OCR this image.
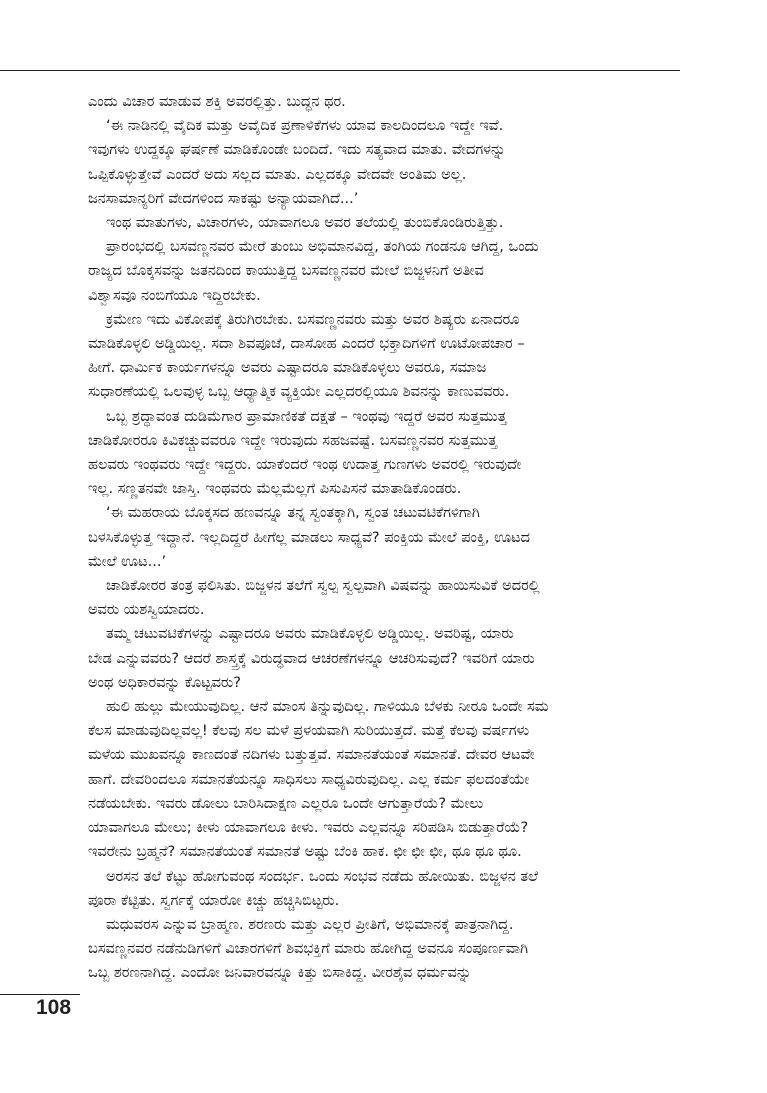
ಎಂದು ವಿಚಾರ ಮಾಡುವ ಶಕ್ತಿ ಅವರಲ್ಲಿತ್ತು. ಬುದ್ಧನ ಥರ.
‘ಈ ನಾಡಿನಲ್ಲಿ ವೈದಿಕ ಮತ್ತು ಅವೈದಿಕ ಪ್ರಣಾಳಿಕೆಗಳು ಯಾವ ಕಾಲದಿಂದಲೂ ಇದ್ದೇ ಇವೆ.
ಇವುಗಳು ಉದ್ದಕ್ಕೂ ಘರ್ಷಣೆ ಮಾಡಿಕೊಂಡೇ ಬಂದಿದೆ. ಇದು ಸತ್ಯವಾದ ಮಾತು. ವೇದಗಳನ್ನು
ಒಪ್ಪಿಕೊಳ್ಳುತ್ತೇವೆ ಎಂದರೆ ಅದು ಸಲ್ಲದ ಮಾತು. ಎಲ್ಲದಕ್ಕೂ ವೇದವೇ ಅಂತಿಮ ಅಲ್ಲ.
ಜನಸಾಮಾನ್ಯರಿಗೆ ವೇದಗಳಿಂದ ಸಾಕಷ್ಟು ಅನ್ಯಾಯವಾಗಿದೆ...’
ಇಂಥ ಮಾತುಗಳು, ವಿಚಾರಗಳು, ಯಾವಾಗಲೂ ಅವರ ತಲೆಯಲ್ಲಿ ತುಂಬಿಕೊಂಡಿರುತ್ತಿತ್ತು.
ಪ್ರಾರಂಭದಲ್ಲಿ ಬಸವಣ್ಣನವರ ಮೇರೆ ತುಂಬು ಅಭಿಮಾನವಿದ್ದ, ತಂಗಿಯ ಗಂಡನೂ ಆಗಿದ್ದ, ಒಂದು
ರಾಜ್ಯದ ಬೊಕ್ಕಸವನ್ನು ಜತನದಿಂದ ಕಾಯುತ್ತಿದ್ದ ಬಸವಣ್ಣನವರ ಮೇಲೆ ಬಿಜ್ಜಳನಿಗೆ ಅತೀವ
ವಿಶ್ವಾಸವೂ ನಂಬಿಗೆಯೂ ಇದ್ದಿರಬೇಕು.
ಕ್ರಮೇಣ ಇದು ವಿಕೋಪಕ್ಕೆ ತಿರುಗಿರಬೇಕು. ಬಸವಣ್ಣನವರು ಮತ್ತು ಅವರ ಶಿಷ್ಯರು ಏನಾದರೂ
ಮಾಡಿಕೊಳ್ಳಲಿ ಅಡ್ಡಿಯಿಲ್ಲ. ಸದಾ ಶಿವಪೂಜೆ, ದಾಸೋಹ ಎಂದರೆ ಭಕ್ತಾದಿಗಳಿಗೆ ಊಟೋಪಚಾರ –
ಹೀಗೆ. ಧಾರ್ಮಿಕ ಕಾರ್ಯಗಳನ್ನೂ ಅವರು ಎಷ್ಟಾದರೂ ಮಾಡಿಕೊಳ್ಳಲು ಅವರೂ, ಸಮಾಜ
ಸುಧಾರಣೆಯಲ್ಲಿ ಒಲವುಳ್ಳ ಒಬ್ಬ ಆಧ್ಯಾತ್ಮಿಕ ವ್ಯಕ್ತಿಯೇ ಎಲ್ಲದರಲ್ಲಿಯೂ ಶಿವನನ್ನು ಕಾಣುವವರು.
ಒಬ್ಬ ಶ್ರದ್ಧಾವಂತ ದುಡಿಮೆಗಾರ ಪ್ರಾಮಾಣಿಕತೆ ದಕ್ಷತೆ – ಇಂಥವು ಇದ್ದರೆ ಅವರ ಸುತ್ತಮುತ್ತ
ಚಾಡಿಕೋರರೂ ಕಿವಿಕಚ್ಚುವವರೂ ಇದ್ದೇ ಇರುವುದು ಸಹಜವಷ್ಟೆ. ಬಸವಣ್ಣನವರ ಸುತ್ತಮುತ್ತ
ಹಲವರು ಇಂಥವರು ಇದ್ದೇ ಇದ್ದರು. ಯಾಕೆಂದರೆ ಇಂಥ ಉದಾತ್ತ ಗುಣಗಳು ಅವರಲ್ಲಿ ಇರುವುದೇ
ಇಲ್ಲ. ಸಣ್ಣತನವೇ ಜಾಸ್ತಿ. ಇಂಥವರು ಮೆಲ್ಲಮೆಲ್ಲಗೆ ಪಿಸುಪಿಸನೆ ಮಾತಾಡಿಕೊಂಡರು.
‘ಈ ಮಹರಾಯ ಬೊಕ್ಕಸದ ಹಣವನ್ನೂ ತನ್ನ ಸ್ವಂತಕ್ಕಾಗಿ, ಸ್ವಂತ ಚಟುವಟಿಕೆಗಳಿಗಾಗಿ
ಬಳಸಿಕೊಳ್ಳುತ್ತ ಇದ್ದಾನೆ. ಇಲ್ಲದಿದ್ದರೆ ಹೀಗೆಲ್ಲ ಮಾಡಲು ಸಾಧ್ಯವೆ? ಪಂಕ್ತಿಯ ಮೇಲೆ ಪಂಕ್ತಿ, ಊಟದ
ಮೇಲೆ ಊಟ...’
ಚಾಡಿಕೋರರ ತಂತ್ರ ಫಲಿಸಿತು. ಬಿಜ್ಜಳನ ತಲೆಗೆ ಸ್ವಲ್ಪ ಸ್ವಲ್ಪವಾಗಿ ವಿಷವನ್ನು ಹಾಯಿಸುವಿಕೆ ಅದರಲ್ಲಿ
ಅವರು ಯಶಸ್ವಿಯಾದರು.
ತಮ್ಮ ಚಟುವಟಿಕೆಗಳನ್ನು ಎಷ್ಟಾದರೂ ಅವರು ಮಾಡಿಕೊಳ್ಳಲಿ ಅಡ್ಡಿಯಿಲ್ಲ. ಅವರಿಷ್ಟ, ಯಾರು
ಬೇಡ ಎನ್ನುವವರು? ಆದರೆ ಶಾಸ್ತ್ರಕ್ಕೆ ವಿರುದ್ಧವಾದ ಆಚರಣೆಗಳನ್ನೂ ಆಚರಿಸುವುದೆ? ಇವರಿಗೆ ಯಾರು
ಅಂಥ ಅಧಿಕಾರವನ್ನು ಕೊಟ್ಟವರು?
ಹುಲಿ ಹುಲ್ಲು ಮೇಯುವುದಿಲ್ಲ. ಆನೆ ಮಾಂಸ ತಿನ್ನುವುದಿಲ್ಲ. ಗಾಳಿಯೂ ಬೆಳಕು ನೀರೂ ಒಂದೇ ಸಮ
ಕೆಲಸ ಮಾಡುವುದಿಲ್ಲವಲ್ಲ! ಕೆಲವು ಸಲ ಮಳೆ ಪ್ರಳಯವಾಗಿ ಸುರಿಯುತ್ತದೆ. ಮತ್ತೆ ಕೆಲವು ವರ್ಷಗಳು
ಮಳೆಯ ಮುಖವನ್ನೂ ಕಾಣದಂತೆ ನದಿಗಳು ಬತ್ತುತ್ತವೆ. ಸಮಾನತೆಯಂತೆ ಸಮಾನತೆ. ದೇವರ ಆಟವೇ
ಹಾಗೆ. ದೇವರಿಂದಲೂ ಸಮಾನತೆಯನ್ನೂ ಸಾಧಿಸಲು ಸಾಧ್ಯವಿರುವುದಿಲ್ಲ. ಎಲ್ಲ ಕರ್ಮ ಫಲದಂತೆಯೇ
ನಡೆಯಬೇಕು. ಇವರು ಡೋಲು ಬಾರಿಸಿದಾಕ್ಷಣ ಎಲ್ಲರೂ ಒಂದೇ ಆಗುತ್ತಾರೆಯೆ? ಮೇಲು
ಯಾವಾಗಲೂ ಮೇಲು; ಕೀಳು ಯಾವಾಗಲೂ ಕೀಳು. ಇವರು ಎಲ್ಲವನ್ನೂ ಸರಿಪಡಿಸಿ ಬಿಡುತ್ತಾರೆಯೆ?
ಇವರೇನು ಬ್ರಹ್ಮನೆ? ಸಮಾನತೆಯಂತೆ ಸಮಾನತೆ ಅಷ್ಟು ಬೆಂಕಿ ಹಾಕ. ಛೀ ಛೀ ಛೀ, ಥೂ ಥೂ ಥೂ.
ಅರಸನ ತಲೆ ಕೆಟ್ಟು ಹೋಗುವಂಥ ಸಂದರ್ಭ. ಒಂದು ಸಂಭವ ನಡೆದು ಹೋಯಿತು. ಬಿಜ್ಜಳನ ತಲೆ
ಪೂರಾ ಕೆಟ್ಟಿತು. ಸ್ವರ್ಗಕ್ಕೆ ಯಾರೋ ಕಿಚ್ಚು ಹಚ್ಚಿಸಿಬಿಟ್ಟರು.
ಮಧುವರಸ ಎನ್ನುವ ಬ್ರಾಹ್ಮಣ. ಶರಣರು ಮತ್ತು ಎಲ್ಲರ ಪ್ರೀತಿಗೆ, ಅಭಿಮಾನಕ್ಕೆ ಪಾತ್ರನಾಗಿದ್ದ.
ಬಸವಣ್ಣನವರ ನಡೆನುಡಿಗಳಿಗೆ ವಿಚಾರಗಳಿಗೆ ಶಿವಭಕ್ತಿಗೆ ಮಾರು ಹೋಗಿದ್ದ ಅವನೂ ಸಂಪೂರ್ಣವಾಗಿ
ಒಬ್ಬ ಶರಣನಾಗಿದ್ದ. ಎಂದೋ ಜನಿವಾರವನ್ನೂ ಕಿತ್ತು ಬಿಸಾಕಿದ್ದ. ವೀರಶೈವ ಧರ್ಮವನ್ನು
108
